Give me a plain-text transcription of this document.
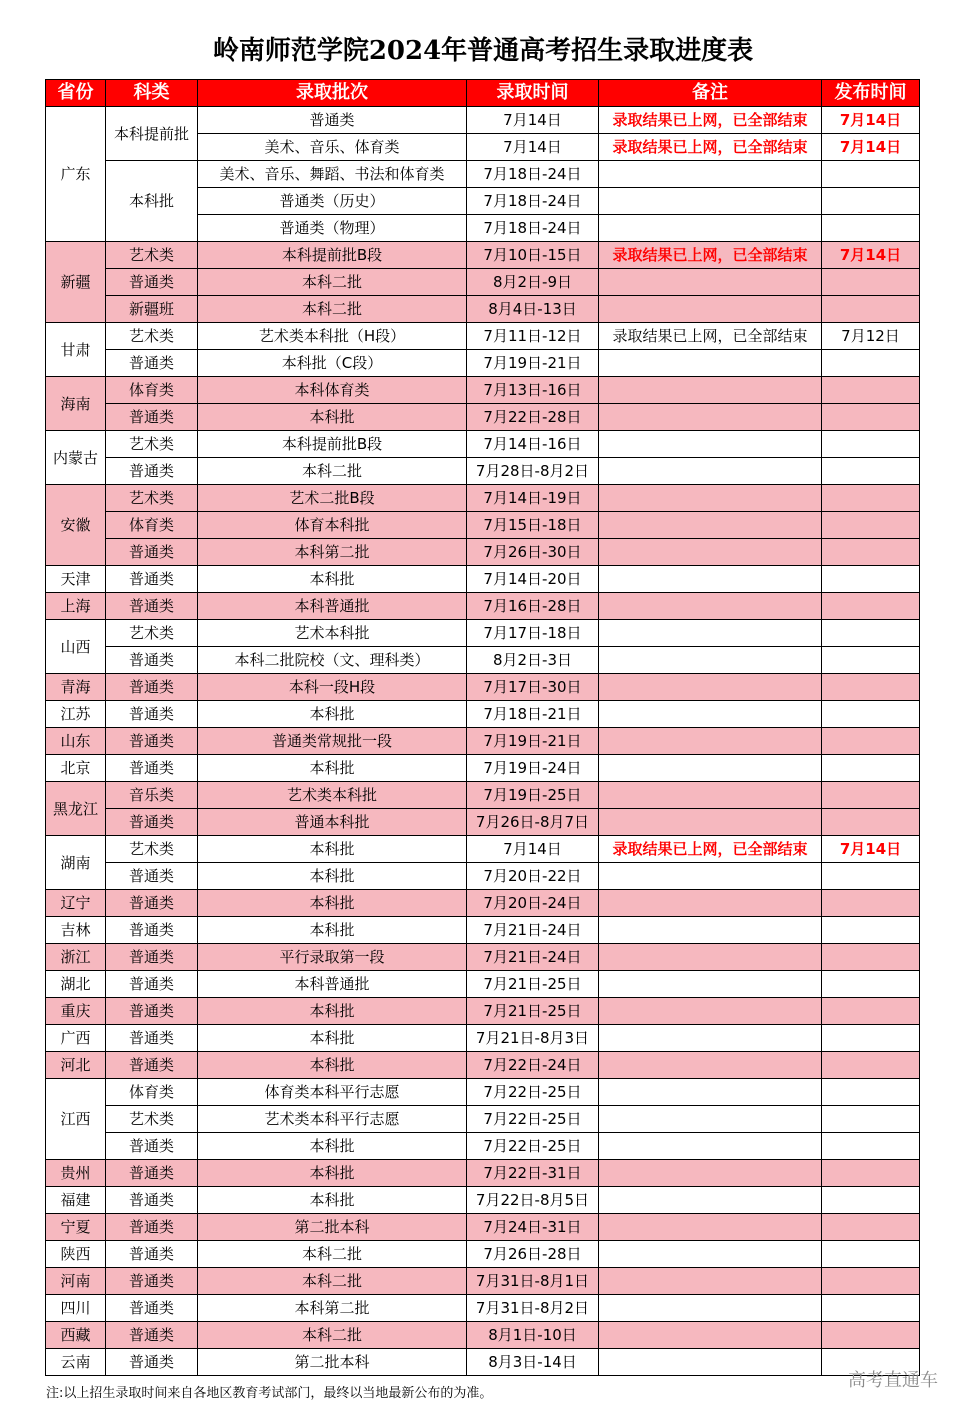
岭南师范学院2024年普通高考招生录取进度表
省份	科类	录取批次	录取时间	备注	发布时间
广东	本科提前批	普通类	7月14日	录取结果已上网，已全部结束	7月14日
		美术、音乐、体育类	7月14日	录取结果已上网，已全部结束	7月14日
	本科批	美术、音乐、舞蹈、书法和体育类	7月18日-24日		
		普通类（历史）	7月18日-24日		
		普通类（物理）	7月18日-24日		
新疆	艺术类	本科提前批B段	7月10日-15日	录取结果已上网，已全部结束	7月14日
	普通类	本科二批	8月2日-9日		
	新疆班	本科二批	8月4日-13日		
甘肃	艺术类	艺术类本科批（H段）	7月11日-12日	录取结果已上网，已全部结束	7月12日
	普通类	本科批（C段）	7月19日-21日		
海南	体育类	本科体育类	7月13日-16日		
	普通类	本科批	7月22日-28日		
内蒙古	艺术类	本科提前批B段	7月14日-16日		
	普通类	本科二批	7月28日-8月2日		
安徽	艺术类	艺术二批B段	7月14日-19日		
	体育类	体育本科批	7月15日-18日		
	普通类	本科第二批	7月26日-30日		
天津	普通类	本科批	7月14日-20日		
上海	普通类	本科普通批	7月16日-28日		
山西	艺术类	艺术本科批	7月17日-18日		
	普通类	本科二批院校（文、理科类）	8月2日-3日		
青海	普通类	本科一段H段	7月17日-30日		
江苏	普通类	本科批	7月18日-21日		
山东	普通类	普通类常规批一段	7月19日-21日		
北京	普通类	本科批	7月19日-24日		
黑龙江	音乐类	艺术类本科批	7月19日-25日		
	普通类	普通本科批	7月26日-8月7日		
湖南	艺术类	本科批	7月14日	录取结果已上网，已全部结束	7月14日
	普通类	本科批	7月20日-22日		
辽宁	普通类	本科批	7月20日-24日		
吉林	普通类	本科批	7月21日-24日		
浙江	普通类	平行录取第一段	7月21日-24日		
湖北	普通类	本科普通批	7月21日-25日		
重庆	普通类	本科批	7月21日-25日		
广西	普通类	本科批	7月21日-8月3日		
河北	普通类	本科批	7月22日-24日		
江西	体育类	体育类本科平行志愿	7月22日-25日		
	艺术类	艺术类本科平行志愿	7月22日-25日		
	普通类	本科批	7月22日-25日		
贵州	普通类	本科批	7月22日-31日		
福建	普通类	本科批	7月22日-8月5日		
宁夏	普通类	第二批本科	7月24日-31日		
陕西	普通类	本科二批	7月26日-28日		
河南	普通类	本科二批	7月31日-8月1日		
四川	普通类	本科第二批	7月31日-8月2日		
西藏	普通类	本科二批	8月1日-10日		
云南	普通类	第二批本科	8月3日-14日		
注:以上招生录取时间来自各地区教育考试部门，最终以当地最新公布的为准。
高考直通车
